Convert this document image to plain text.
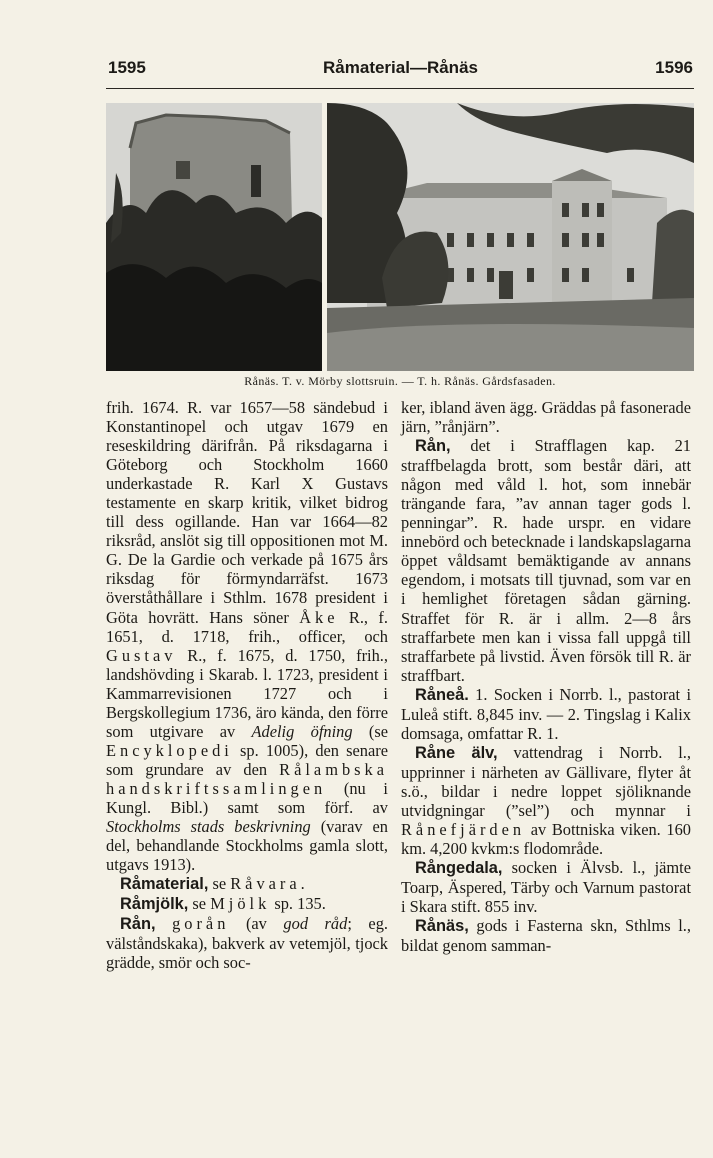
1595	Råmaterial—Rånäs	1596
Rånäs. T. v. Mörby slottsruin. — T. h. Rånäs. Gårdsfasaden.

frih. 1674. R. var 1657—58 sändebud i Konstantinopel och utgav 1679 en reseskildring därifrån. På riksdagarna i Göteborg och Stockholm 1660 underkastade R. Karl X Gustavs testamente en skarp kritik, vilket bidrog till dess ogillande. Han var 1664—82 riksråd, anslöt sig till oppositionen mot M. G. De la Gardie och verkade på 1675 års riksdag för förmyndarräfst. 1673 överståthållare i Sthlm. 1678 president i Göta hovrätt. Hans söner Åke R., f. 1651, d. 1718, frih., officer, och Gustav R., f. 1675, d. 1750, frih., landshövding i Skarab. l. 1723, president i Kammarrevisionen 1727 och i Bergskollegium 1736, äro kända, den förre som utgivare av Adelig öfning (se Encyklopedi sp. 1005), den senare som grundare av den Rålambska handskriftssamlingen (nu i Kungl. Bibl.) samt som förf. av Stockholms stads beskrivning (varav en del, behandlande Stockholms gamla slott, utgavs 1913).

Råmaterial, se Råvara.

Råmjölk, se Mjölk sp. 135.

Rån, gorån (av god råd; eg. välståndskaka), bakverk av vetemjöl, tjock grädde, smör och soc-

ker, ibland även ägg. Gräddas på fasonerade järn, ”rånjärn”.

Rån, det i Strafflagen kap. 21 straffbelagda brott, som består däri, att någon med våld l. hot, som innebär trängande fara, ”av annan tager gods l. penningar”. R. hade urspr. en vidare innebörd och betecknade i landskapslagarna öppet våldsamt bemäktigande av annans egendom, i motsats till tjuvnad, som var en i hemlighet företagen sådan gärning. Straffet för R. är i allm. 2—8 års straffarbete men kan i vissa fall uppgå till straffarbete på livstid. Även försök till R. är straffbart.

Råneå. 1. Socken i Norrb. l., pastorat i Luleå stift. 8,845 inv. — 2. Tingslag i Kalix domsaga, omfattar R. 1.

Råne älv, vattendrag i Norrb. l., upprinner i närheten av Gällivare, flyter åt s.ö., bildar i nedre loppet sjöliknande utvidgningar (”sel”) och mynnar i Rånefjärden av Bottniska viken. 160 km. 4,200 kvkm:s flodområde.

Rångedala, socken i Älvsb. l., jämte Toarp, Äspered, Tärby och Varnum pastorat i Skara stift. 855 inv.

Rånäs, gods i Fasterna skn, Sthlms l., bildat genom samman-
